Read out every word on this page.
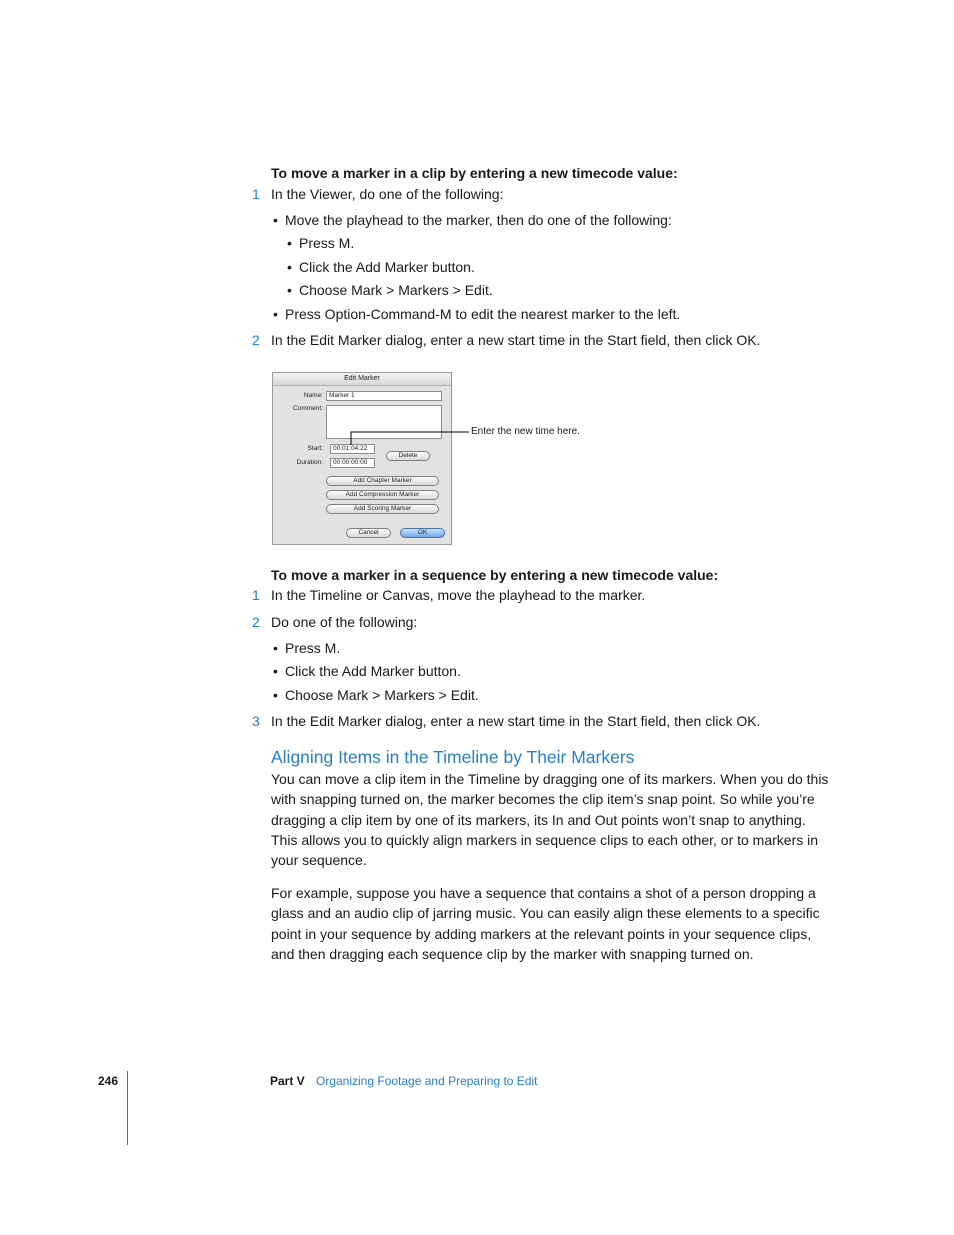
To move a marker in a clip by entering a new timecode value:
1 In the Viewer, do one of the following:
• Move the playhead to the marker, then do one of the following:
• Press M.
• Click the Add Marker button.
• Choose Mark > Markers > Edit.
• Press Option-Command-M to edit the nearest marker to the left.
2 In the Edit Marker dialog, enter a new start time in the Start field, then click OK.
Edit Marker
Name: Marker 1
Comment:
Start:	00:01:04:22
Duration:	00:00:00:00
Delete
Add Chapter Marker
Add Compression Marker
Add Scoring Marker
Cancel	OK
Enter the new time here.
To move a marker in a sequence by entering a new timecode value:
1 In the Timeline or Canvas, move the playhead to the marker.
2 Do one of the following:
• Press M.
• Click the Add Marker button.
• Choose Mark > Markers > Edit.
3 In the Edit Marker dialog, enter a new start time in the Start field, then click OK.
Aligning Items in the Timeline by Their Markers
You can move a clip item in the Timeline by dragging one of its markers. When you do this with snapping turned on, the marker becomes the clip item’s snap point. So while you’re dragging a clip item by one of its markers, its In and Out points won’t snap to anything. This allows you to quickly align markers in sequence clips to each other, or to markers in your sequence.
For example, suppose you have a sequence that contains a shot of a person dropping a glass and an audio clip of jarring music. You can easily align these elements to a specific point in your sequence by adding markers at the relevant points in your sequence clips, and then dragging each sequence clip by the marker with snapping turned on.
246	Part V Organizing Footage and Preparing to Edit
